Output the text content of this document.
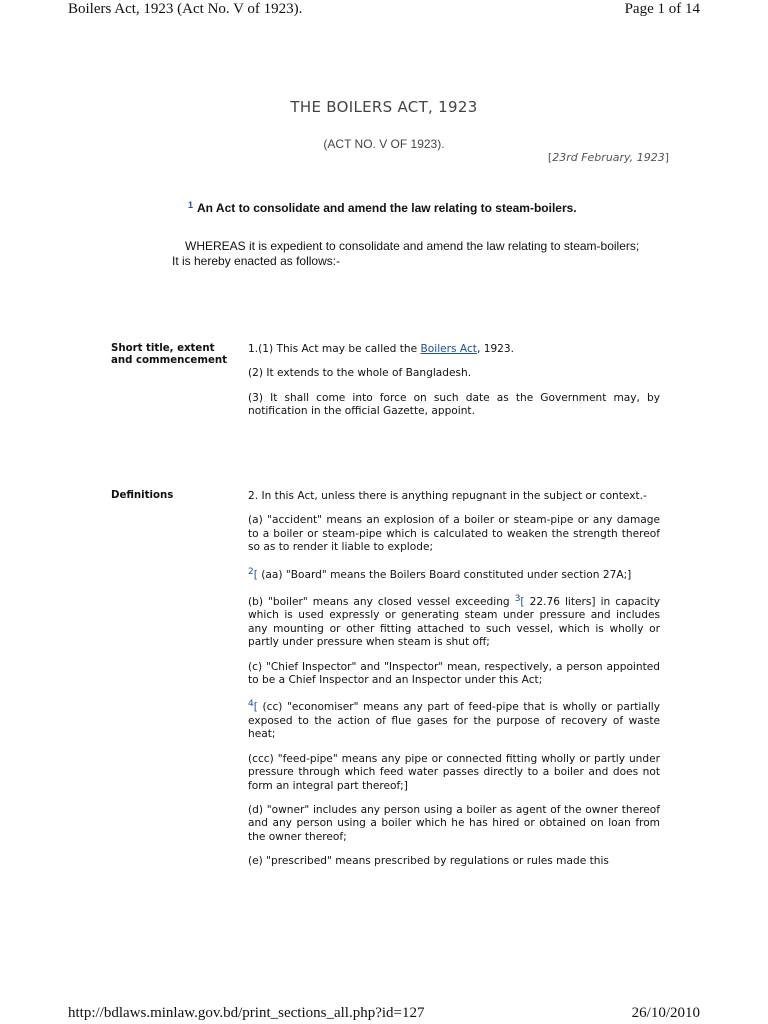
Boilers Act, 1923 (Act No. V of 1923).	Page 1 of 14
THE BOILERS ACT, 1923
(ACT NO. V OF 1923).
[23rd February, 1923]
$^1$ An Act to consolidate and amend the law relating to steam-boilers.
WHEREAS it is expedient to consolidate and amend the law relating to steam-boilers;
It is hereby enacted as follows:-
Short title, extent and commencement

1.(1) This Act may be called the Boilers Act, 1923.

(2) It extends to the whole of Bangladesh.

(3) It shall come into force on such date as the Government may, by notification in the official Gazette, appoint.

Definitions	2. In this Act, unless there is anything repugnant in the subject or context.-

(a) "accident" means an explosion of a boiler or steam-pipe or any damage to a boiler or steam-pipe which is calculated to weaken the strength thereof so as to render it liable to explode;

$^2$[ (aa) "Board" means the Boilers Board constituted under section 27A;]

(b) "boiler" means any closed vessel exceeding $^3$[ 22.76 liters] in capacity which is used expressly or generating steam under pressure and includes any mounting or other fitting attached to such vessel, which is wholly or partly under pressure when steam is shut off;

(c) "Chief Inspector" and "Inspector" mean, respectively, a person appointed to be a Chief Inspector and an Inspector under this Act;

$^4$[ (cc) "economiser" means any part of feed-pipe that is wholly or partially exposed to the action of flue gases for the purpose of recovery of waste heat;

(ccc) "feed-pipe" means any pipe or connected fitting wholly or partly under pressure through which feed water passes directly to a boiler and does not form an integral part thereof;]

(d) "owner" includes any person using a boiler as agent of the owner thereof and any person using a boiler which he has hired or obtained on loan from the owner thereof;

(e) "prescribed" means prescribed by regulations or rules made this

http://bdlaws.minlaw.gov.bd/print_sections_all.php?id=127	26/10/2010
